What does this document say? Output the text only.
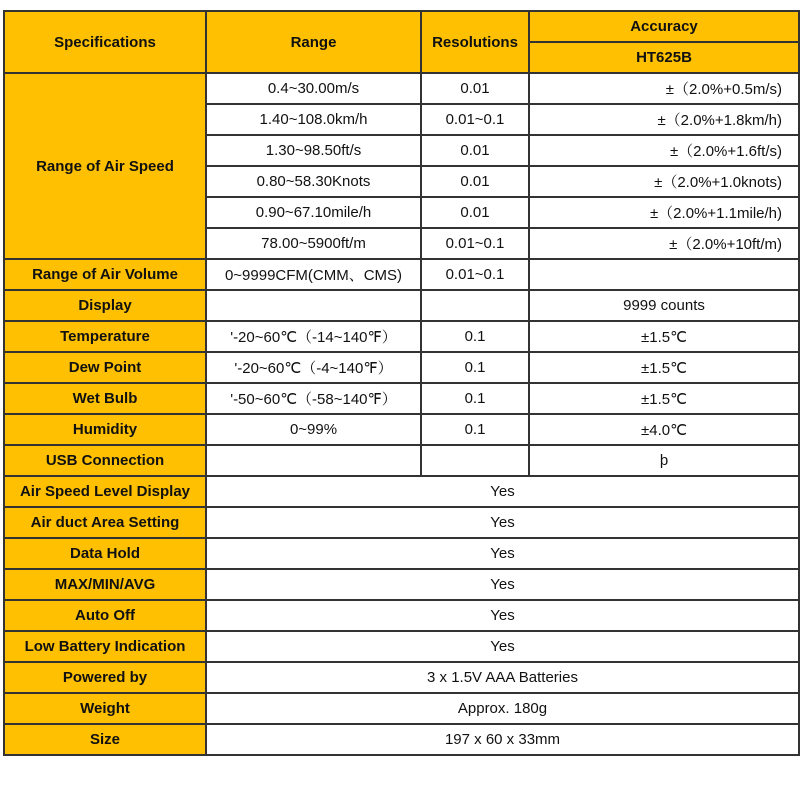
Specifications	Range	Resolutions	Accuracy
			HT625B
Range of Air Speed	0.4~30.00m/s	0.01	±（2.0%+0.5m/s)
	1.40~108.0km/h	0.01~0.1	±（2.0%+1.8km/h)
	1.30~98.50ft/s	0.01	±（2.0%+1.6ft/s)
	0.80~58.30Knots	0.01	±（2.0%+1.0knots)
	0.90~67.10mile/h	0.01	±（2.0%+1.1mile/h)
	78.00~5900ft/m	0.01~0.1	±（2.0%+10ft/m)
Range of Air Volume	0~9999CFM(CMM、CMS)	0.01~0.1	
Display			9999 counts
Temperature	'-20~60℃（-14~140℉）	0.1	±1.5℃
Dew Point	'-20~60℃（-4~140℉）	0.1	±1.5℃
Wet Bulb	'-50~60℃（-58~140℉）	0.1	±1.5℃
Humidity	0~99%	0.1	±4.0℃
USB Connection			þ
Air Speed Level Display	Yes		
Air duct Area Setting	Yes		
Data Hold	Yes		
MAX/MIN/AVG	Yes		
Auto Off	Yes		
Low Battery Indication	Yes		
Powered by	3 x 1.5V AAA Batteries		
Weight	Approx. 180g		
Size	197 x 60 x 33mm		
